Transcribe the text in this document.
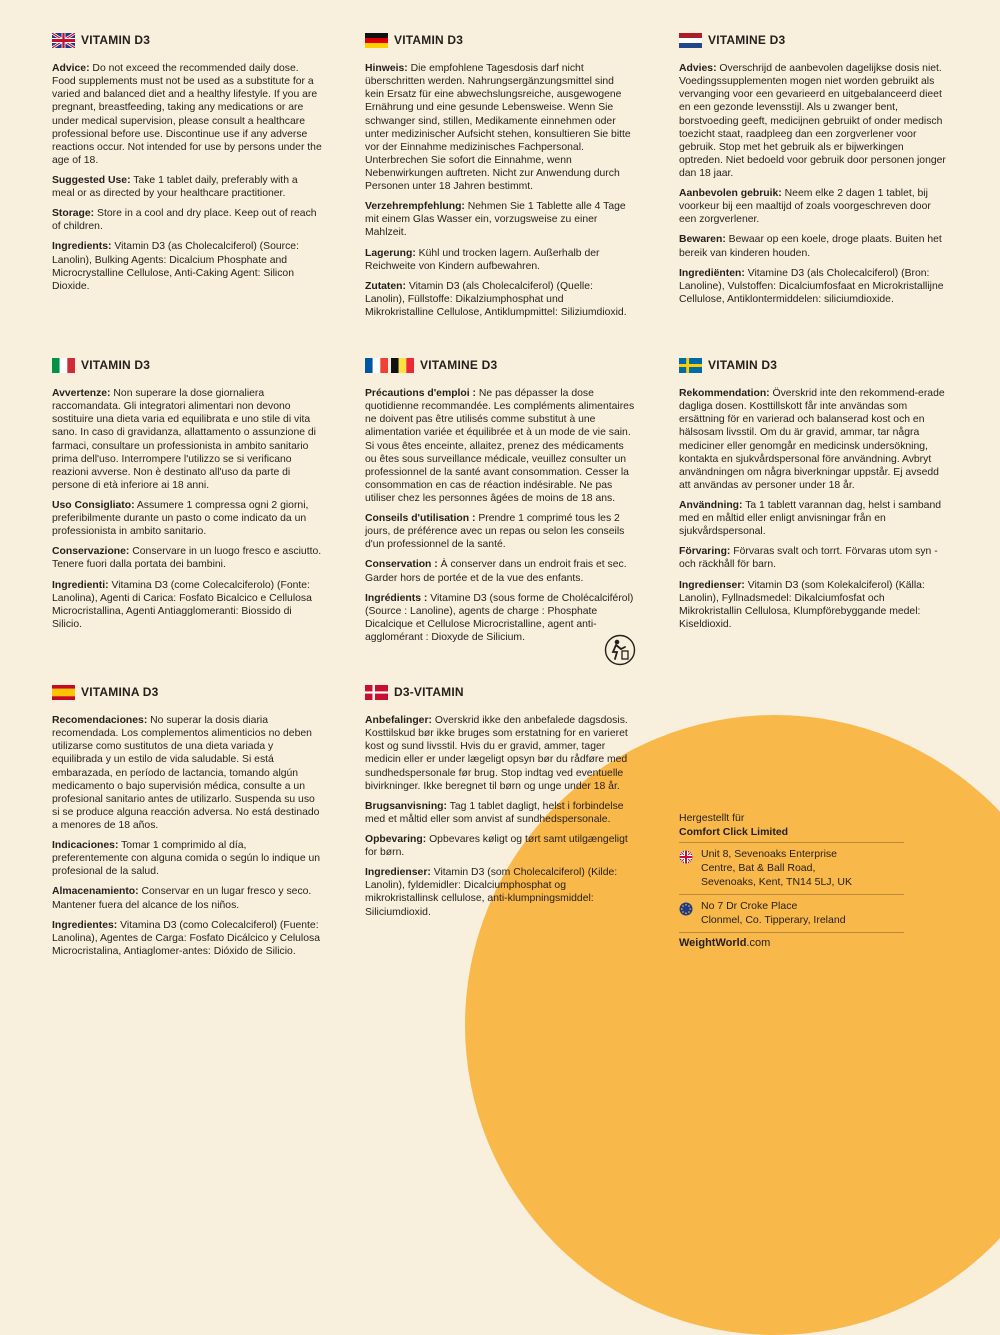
VITAMIN D3

Advice: Do not exceed the recommended daily dose. Food supplements must not be used as a substitute for a varied and balanced diet and a healthy lifestyle. If you are pregnant, breastfeeding, taking any medications or are under medical supervision, please consult a healthcare professional before use. Discontinue use if any adverse reactions occur. Not intended for use by persons under the age of 18.

Suggested Use: Take 1 tablet daily, preferably with a meal or as directed by your healthcare practitioner.

Storage: Store in a cool and dry place. Keep out of reach of children.

Ingredients: Vitamin D3 (as Cholecalciferol) (Source: Lanolin), Bulking Agents: Dicalcium Phosphate and Microcrystalline Cellulose, Anti-Caking Agent: Silicon Dioxide.

VITAMIN D3

Hinweis: Die empfohlene Tagesdosis darf nicht überschritten werden. Nahrungsergänzungsmittel sind kein Ersatz für eine abwechslungsreiche, ausgewogene Ernährung und eine gesunde Lebensweise. Wenn Sie schwanger sind, stillen, Medikamente einnehmen oder unter medizinischer Aufsicht stehen, konsultieren Sie bitte vor der Einnahme medizinisches Fachpersonal. Unterbrechen Sie sofort die Einnahme, wenn Nebenwirkungen auftreten. Nicht zur Anwendung durch Personen unter 18 Jahren bestimmt.

Verzehrempfehlung: Nehmen Sie 1 Tablette alle 4 Tage mit einem Glas Wasser ein, vorzugsweise zu einer Mahlzeit.

Lagerung: Kühl und trocken lagern. Außerhalb der Reichweite von Kindern aufbewahren.

Zutaten: Vitamin D3 (als Cholecalciferol) (Quelle: Lanolin), Füllstoffe: Dikalziumphosphat und Mikrokristalline Cellulose, Antiklumpmittel: Siliziumdioxid.

VITAMINE D3

Advies: Overschrijd de aanbevolen dagelijkse dosis niet. Voedingssupplementen mogen niet worden gebruikt als vervanging voor een gevarieerd en uitgebalanceerd dieet en een gezonde levensstijl. Als u zwanger bent, borstvoeding geeft, medicijnen gebruikt of onder medisch toezicht staat, raadpleeg dan een zorgverlener voor gebruik. Stop met het gebruik als er bijwerkingen optreden. Niet bedoeld voor gebruik door personen jonger dan 18 jaar.

Aanbevolen gebruik: Neem elke 2 dagen 1 tablet, bij voorkeur bij een maaltijd of zoals voorgeschreven door een zorgverlener.

Bewaren: Bewaar op een koele, droge plaats. Buiten het bereik van kinderen houden.

Ingrediënten: Vitamine D3 (als Cholecalciferol) (Bron: Lanoline), Vulstoffen: Dicalciumfosfaat en Microkristallijne Cellulose, Antiklontermiddelen: siliciumdioxide.

VITAMIN D3

Avvertenze: Non superare la dose giornaliera raccomandata. Gli integratori alimentari non devono sostituire una dieta varia ed equilibrata e uno stile di vita sano. In caso di gravidanza, allattamento o assunzione di farmaci, consultare un professionista in ambito sanitario prima dell'uso. Interrompere l'utilizzo se si verificano reazioni avverse. Non è destinato all'uso da parte di persone di età inferiore ai 18 anni.

Uso Consigliato: Assumere 1 compressa ogni 2 giorni, preferibilmente durante un pasto o come indicato da un professionista in ambito sanitario.

Conservazione: Conservare in un luogo fresco e asciutto. Tenere fuori dalla portata dei bambini.

Ingredienti: Vitamina D3 (come Colecalciferolo) (Fonte: Lanolina), Agenti di Carica: Fosfato Bicalcico e Cellulosa Microcristallina, Agenti Antiagglomeranti: Biossido di Silicio.

VITAMINE D3

Précautions d'emploi : Ne pas dépasser la dose quotidienne recommandée. Les compléments alimentaires ne doivent pas être utilisés comme substitut à une alimentation variée et équilibrée et à un mode de vie sain. Si vous êtes enceinte, allaitez, prenez des médicaments ou êtes sous surveillance médicale, veuillez consulter un professionnel de la santé avant consommation. Cesser la consommation en cas de réaction indésirable. Ne pas utiliser chez les personnes âgées de moins de 18 ans.

Conseils d'utilisation : Prendre 1 comprimé tous les 2 jours, de préférence avec un repas ou selon les conseils d'un professionnel de la santé.

Conservation : À conserver dans un endroit frais et sec. Garder hors de portée et de la vue des enfants.

Ingrédients : Vitamine D3 (sous forme de Cholécalciférol) (Source : Lanoline), agents de charge : Phosphate Dicalcique et Cellulose Microcristalline, agent anti-agglomérant : Dioxyde de Silicium.

VITAMIN D3

Rekommendation: Överskrid inte den rekommend-erade dagliga dosen. Kosttillskott får inte användas som ersättning för en varierad och balanserad kost och en hälsosam livsstil. Om du är gravid, ammar, tar några mediciner eller genomgår en medicinsk undersökning, kontakta en sjukvårdspersonal före användning. Avbryt användningen om några biverkningar uppstår. Ej avsedd att användas av personer under 18 år.

Användning: Ta 1 tablett varannan dag, helst i samband med en måltid eller enligt anvisningar från en sjukvårdspersonal.

Förvaring: Förvaras svalt och torrt. Förvaras utom syn - och räckhåll för barn.

Ingredienser: Vitamin D3 (som Kolekalciferol) (Källa: Lanolin), Fyllnadsmedel: Dikalciumfosfat och Mikrokristallin Cellulosa, Klumpförebyggande medel: Kiseldioxid.

VITAMINA D3

Recomendaciones: No superar la dosis diaria recomendada. Los complementos alimenticios no deben utilizarse como sustitutos de una dieta variada y equilibrada y un estilo de vida saludable. Si está embarazada, en período de lactancia, tomando algún medicamento o bajo supervisión médica, consulte a un profesional sanitario antes de utilizarlo. Suspenda su uso si se produce alguna reacción adversa. No está destinado a menores de 18 años.

Indicaciones: Tomar 1 comprimido al día, preferentemente con alguna comida o según lo indique un profesional de la salud.

Almacenamiento: Conservar en un lugar fresco y seco. Mantener fuera del alcance de los niños.

Ingredientes: Vitamina D3 (como Colecalciferol) (Fuente: Lanolina), Agentes de Carga: Fosfato Dicálcico y Celulosa Microcristalina, Antiaglomer-antes: Dióxido de Silicio.

D3-VITAMIN

Anbefalinger: Overskrid ikke den anbefalede dagsdosis. Kosttilskud bør ikke bruges som erstatning for en varieret kost og sund livsstil. Hvis du er gravid, ammer, tager medicin eller er under lægeligt opsyn bør du rådføre med sundhedspersonale før brug. Stop indtag ved eventuelle bivirkninger. Ikke beregnet til børn og unge under 18 år.

Brugsanvisning: Tag 1 tablet dagligt, helst i forbindelse med et måltid eller som anvist af sundhedspersonale.

Opbevaring: Opbevares køligt og tørt samt utilgængeligt for børn.

Ingredienser: Vitamin D3 (som Cholecalciferol) (Kilde: Lanolin), fyldemidler: Dicalciumphosphat og mikrokristallinsk cellulose, anti-klumpningsmiddel: Siliciumdioxid.

Hergestellt für
Comfort Click Limited
Unit 8, Sevenoaks Enterprise
Centre, Bat & Ball Road,
Sevenoaks, Kent, TN14 5LJ, UK
No 7 Dr Croke Place
Clonmel, Co. Tipperary, Ireland
WeightWorld.com
